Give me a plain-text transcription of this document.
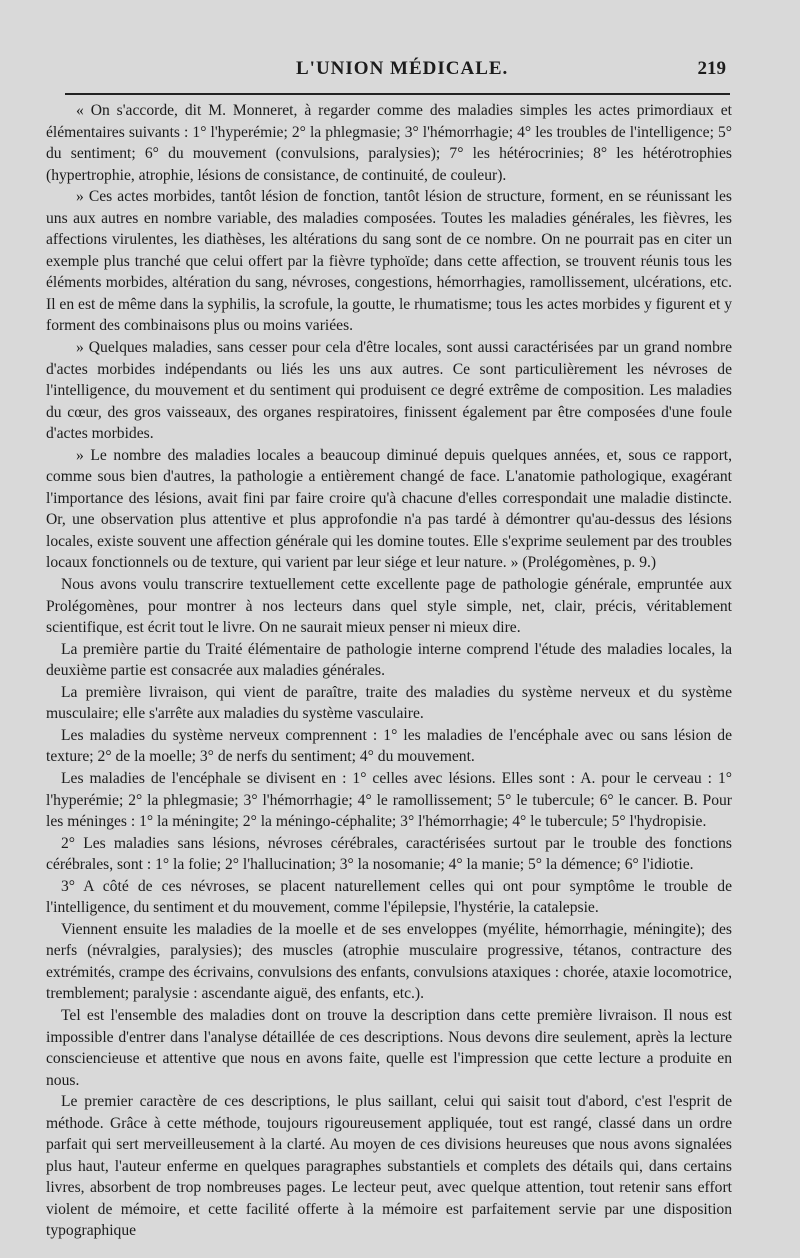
L'UNION MÉDICALE.	219

« On s'accorde, dit M. Monneret, à regarder comme des maladies simples les actes primordiaux et élémentaires suivants : 1° l'hyperémie; 2° la phlegmasie; 3° l'hémorrhagie; 4° les troubles de l'intelligence; 5° du sentiment; 6° du mouvement (convulsions, paralysies); 7° les hétérocrinies; 8° les hétérotrophies (hypertrophie, atrophie, lésions de consistance, de continuité, de couleur).

» Ces actes morbides, tantôt lésion de fonction, tantôt lésion de structure, forment, en se réunissant les uns aux autres en nombre variable, des maladies composées. Toutes les maladies générales, les fièvres, les affections virulentes, les diathèses, les altérations du sang sont de ce nombre. On ne pourrait pas en citer un exemple plus tranché que celui offert par la fièvre typhoïde; dans cette affection, se trouvent réunis tous les éléments morbides, altération du sang, névroses, congestions, hémorrhagies, ramollissement, ulcérations, etc. Il en est de même dans la syphilis, la scrofule, la goutte, le rhumatisme; tous les actes morbides y figurent et y forment des combinaisons plus ou moins variées.

» Quelques maladies, sans cesser pour cela d'être locales, sont aussi caractérisées par un grand nombre d'actes morbides indépendants ou liés les uns aux autres. Ce sont particulièrement les névroses de l'intelligence, du mouvement et du sentiment qui produisent ce degré extrême de composition. Les maladies du cœur, des gros vaisseaux, des organes respiratoires, finissent également par être composées d'une foule d'actes morbides.

» Le nombre des maladies locales a beaucoup diminué depuis quelques années, et, sous ce rapport, comme sous bien d'autres, la pathologie a entièrement changé de face. L'anatomie pathologique, exagérant l'importance des lésions, avait fini par faire croire qu'à chacune d'elles correspondait une maladie distincte. Or, une observation plus attentive et plus approfondie n'a pas tardé à démontrer qu'au-dessus des lésions locales, existe souvent une affection générale qui les domine toutes. Elle s'exprime seulement par des troubles locaux fonctionnels ou de texture, qui varient par leur siége et leur nature. » (Prolégomènes, p. 9.)

Nous avons voulu transcrire textuellement cette excellente page de pathologie générale, empruntée aux Prolégomènes, pour montrer à nos lecteurs dans quel style simple, net, clair, précis, véritablement scientifique, est écrit tout le livre. On ne saurait mieux penser ni mieux dire.

La première partie du Traité élémentaire de pathologie interne comprend l'étude des maladies locales, la deuxième partie est consacrée aux maladies générales.

La première livraison, qui vient de paraître, traite des maladies du système nerveux et du système musculaire; elle s'arrête aux maladies du système vasculaire.

Les maladies du système nerveux comprennent : 1° les maladies de l'encéphale avec ou sans lésion de texture; 2° de la moelle; 3° de nerfs du sentiment; 4° du mouvement.

Les maladies de l'encéphale se divisent en : 1° celles avec lésions. Elles sont : A. pour le cerveau : 1° l'hyperémie; 2° la phlegmasie; 3° l'hémorrhagie; 4° le ramollissement; 5° le tubercule; 6° le cancer. B. Pour les méninges : 1° la méningite; 2° la méningo-céphalite; 3° l'hémorrhagie; 4° le tubercule; 5° l'hydropisie.

2° Les maladies sans lésions, névroses cérébrales, caractérisées surtout par le trouble des fonctions cérébrales, sont : 1° la folie; 2° l'hallucination; 3° la nosomanie; 4° la manie; 5° la démence; 6° l'idiotie.

3° A côté de ces névroses, se placent naturellement celles qui ont pour symptôme le trouble de l'intelligence, du sentiment et du mouvement, comme l'épilepsie, l'hystérie, la catalepsie.

Viennent ensuite les maladies de la moelle et de ses enveloppes (myélite, hémorrhagie, méningite); des nerfs (névralgies, paralysies); des muscles (atrophie musculaire progressive, tétanos, contracture des extrémités, crampe des écrivains, convulsions des enfants, convulsions ataxiques : chorée, ataxie locomotrice, tremblement; paralysie : ascendante aiguë, des enfants, etc.).

Tel est l'ensemble des maladies dont on trouve la description dans cette première livraison. Il nous est impossible d'entrer dans l'analyse détaillée de ces descriptions. Nous devons dire seulement, après la lecture consciencieuse et attentive que nous en avons faite, quelle est l'impression que cette lecture a produite en nous.

Le premier caractère de ces descriptions, le plus saillant, celui qui saisit tout d'abord, c'est l'esprit de méthode. Grâce à cette méthode, toujours rigoureusement appliquée, tout est rangé, classé dans un ordre parfait qui sert merveilleusement à la clarté. Au moyen de ces divisions heureuses que nous avons signalées plus haut, l'auteur enferme en quelques paragraphes substantiels et complets des détails qui, dans certains livres, absorbent de trop nombreuses pages. Le lecteur peut, avec quelque attention, tout retenir sans effort violent de mémoire, et cette facilité offerte à la mémoire est parfaitement servie par une disposition typographique
